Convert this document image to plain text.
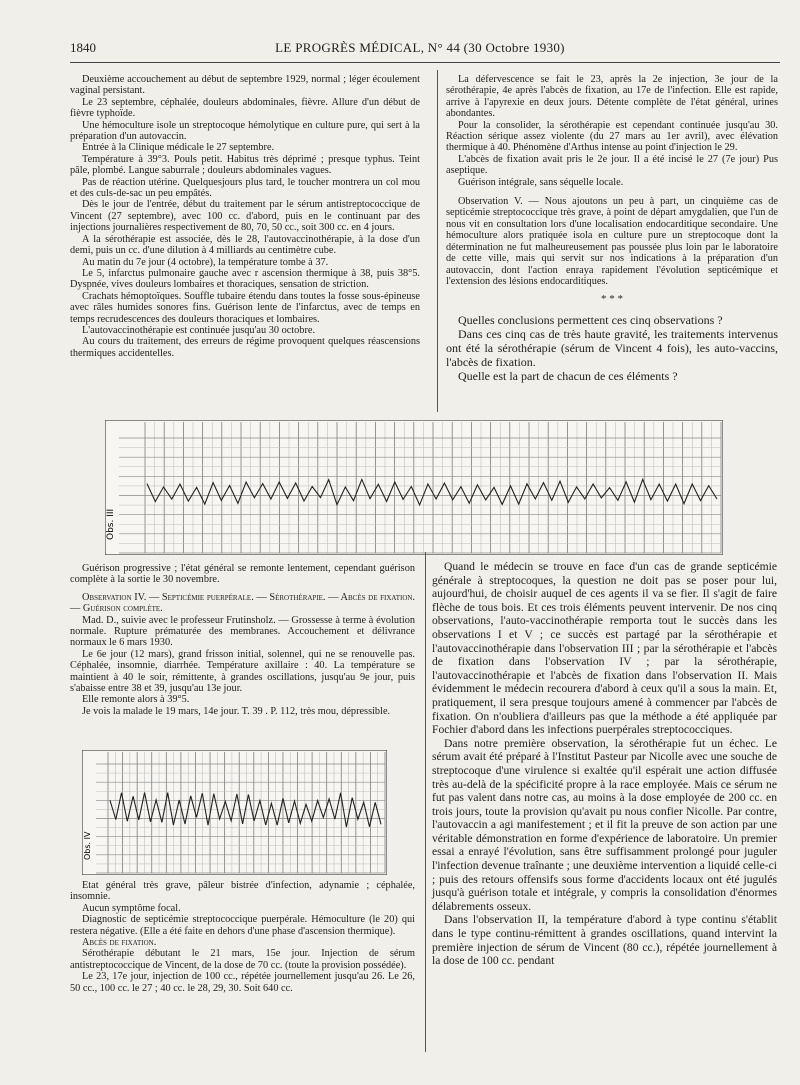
1840	LE PROGRÈS MÉDICAL, N° 44 (30 Octobre 1930)

Deuxième accouchement au début de septembre 1929, normal ; léger écoulement vaginal persistant.

Le 23 septembre, céphalée, douleurs abdominales, fièvre. Allure d'un début de fièvre typhoïde.

Une hémoculture isole un streptocoque hémolytique en culture pure, qui sert à la préparation d'un autovaccin.

Entrée à la Clinique médicale le 27 septembre.

Température à 39°3. Pouls petit. Habitus très déprimé ; presque typhus. Teint pâle, plombé. Langue saburrale ; douleurs abdominales vagues.

Pas de réaction utérine. Quelquesjours plus tard, le toucher montrera un col mou et des culs-de-sac un peu empâtés.

Dès le jour de l'entrée, début du traitement par le sérum antistreptococcique de Vincent (27 septembre), avec 100 cc. d'abord, puis en le continuant par des injections journalières respectivement de 80, 70, 50 cc., soit 300 cc. en 4 jours.

A la sérothérapie est associée, dès le 28, l'autovaccinothérapie, à la dose d'un demi, puis un cc. d'une dilution à 4 milliards au centimètre cube.

Au matin du 7e jour (4 octobre), la température tombe à 37.

Le 5, infarctus pulmonaire gauche avec r ascension thermique à 38, puis 38°5. Dyspnée, vives douleurs lombaires et thoraciques, sensation de striction.

Crachats hémoptoïques. Souffle tubaire étendu dans toutes la fosse sous-épineuse avec râles humides sonores fins. Guérison lente de l'infarctus, avec de temps en temps recrudescences des douleurs thoraciques et lombaires.

L'autovaccinothérapie est continuée jusqu'au 30 octobre.

Au cours du traitement, des erreurs de régime provoquent quelques réascensions thermiques accidentelles.

La défervescence se fait le 23, après la 2e injection, 3e jour de la sérothérapie, 4e après l'abcès de fixation, au 17e de l'infection. Elle est rapide, arrive à l'apyrexie en deux jours. Détente complète de l'état général, urines abondantes.

Pour la consolider, la sérothérapie est cependant continuée jusqu'au 30. Réaction sérique assez violente (du 27 mars au 1er avril), avec élévation thermique à 40. Phénomène d'Arthus intense au point d'injection le 29.

L'abcès de fixation avait pris le 2e jour. Il a été incisé le 27 (7e jour) Pus aseptique.

Guérison intégrale, sans séquelle locale.

Observation V. — Nous ajoutons un peu à part, un cinquième cas de septicémie streptococcique très grave, à point de départ amygdalien, que l'un de nous vit en consultation lors d'une localisation endocarditique secondaire. Une hémoculture alors pratiquée isola en culture pure un streptocoque dont la détermination ne fut malheureusement pas poussée plus loin par le laboratoire de cette ville, mais qui servit sur nos indications à la préparation d'un autovaccin, dont l'action enraya rapidement l'évolution septicémique et l'extension des lésions endocarditiques.

* * *

Quelles conclusions permettent ces cinq observations ?

Dans ces cinq cas de très haute gravité, les traitements intervenus ont été la sérothérapie (sérum de Vincent 4 fois), les auto-vaccins, l'abcès de fixation.

Quelle est la part de chacun de ces éléments ?

Obs. III

Guérison progressive ; l'état général se remonte lentement, cependant guérison complète à la sortie le 30 novembre.

Observation IV. — Septicémie puerpérale. — Sérothérapie. — Abcès de fixation. — Guérison complète.

Mad. D., suivie avec le professeur Frutinsholz. — Grossesse à terme à évolution normale. Rupture prématurée des membranes. Accouchement et délivrance normaux le 6 mars 1930.

Le 6e jour (12 mars), grand frisson initial, solennel, qui ne se renouvelle pas. Céphalée, insomnie, diarrhée. Température axillaire : 40. La température se maintient à 40 le soir, rémittente, à grandes oscillations, jusqu'au 9e jour, puis s'abaisse entre 38 et 39, jusqu'au 13e jour.

Elle remonte alors à 39°5.

Je vois la malade le 19 mars, 14e jour. T. 39 . P. 112, très mou, dépressible.

Obs. IV

Etat général très grave, pâleur bistrée d'infection, adynamie ; céphalée, insomnie.

Aucun symptôme focal.

Diagnostic de septicémie streptococcique puerpérale. Hémoculture (le 20) qui restera négative. (Elle a été faite en dehors d'une phase d'ascension thermique).

Abcès de fixation.

Sérothérapie débutant le 21 mars, 15e jour. Injection de sérum antistreptococcique de Vincent, de la dose de 70 cc. (toute la provision possédée).

Le 23, 17e jour, injection de 100 cc., répétée journellement jusqu'au 26. Le 26, 50 cc., 100 cc. le 27 ; 40 cc. le 28, 29, 30. Soit 640 cc.

Quand le médecin se trouve en face d'un cas de grande septicémie générale à streptocoques, la question ne doit pas se poser pour lui, aujourd'hui, de choisir auquel de ces agents il va se fier. Il s'agit de faire flèche de tous bois. Et ces trois éléments peuvent intervenir. De nos cinq observations, l'auto-vaccinothérapie remporta tout le succès dans les observations I et V ; ce succès est partagé par la sérothérapie et l'autovaccinothérapie dans l'observation III ; par la sérothérapie et l'abcès de fixation dans l'observation IV ; par la sérothérapie, l'autovaccinothérapie et l'abcès de fixation dans l'observation II. Mais évidemment le médecin recourera d'abord à ceux qu'il a sous la main. Et, pratiquement, il sera presque toujours amené à commencer par l'abcès de fixation. On n'oubliera d'ailleurs pas que la méthode a été appliquée par Fochier d'abord dans les infections puerpérales streptococciques.

Dans notre première observation, la sérothérapie fut un échec. Le sérum avait été préparé à l'Institut Pasteur par Nicolle avec une souche de streptocoque d'une virulence si exaltée qu'il espérait une action diffusée très au-delà de la spécificité propre à la race employée. Mais ce sérum ne fut pas valent dans notre cas, au moins à la dose employée de 200 cc. en trois jours, toute la provision qu'avait pu nous confier Nicolle. Par contre, l'autovaccin a agi manifestement ; et il fit la preuve de son action par une véritable démonstration en forme d'expérience de laboratoire. Un premier essai a enrayé l'évolution, sans être suffisamment prolongé pour juguler l'infection devenue traînante ; une deuxième intervention a liquidé celle-ci ; puis des retours offensifs sous forme d'accidents locaux ont été jugulés jusqu'à guérison totale et intégrale, y compris la consolidation d'énormes délabrements osseux.

Dans l'observation II, la température d'abord à type continu s'établit dans le type continu-rémittent à grandes oscillations, quand intervint la première injection de sérum de Vincent (80 cc.), répétée journellement à la dose de 100 cc. pendant
